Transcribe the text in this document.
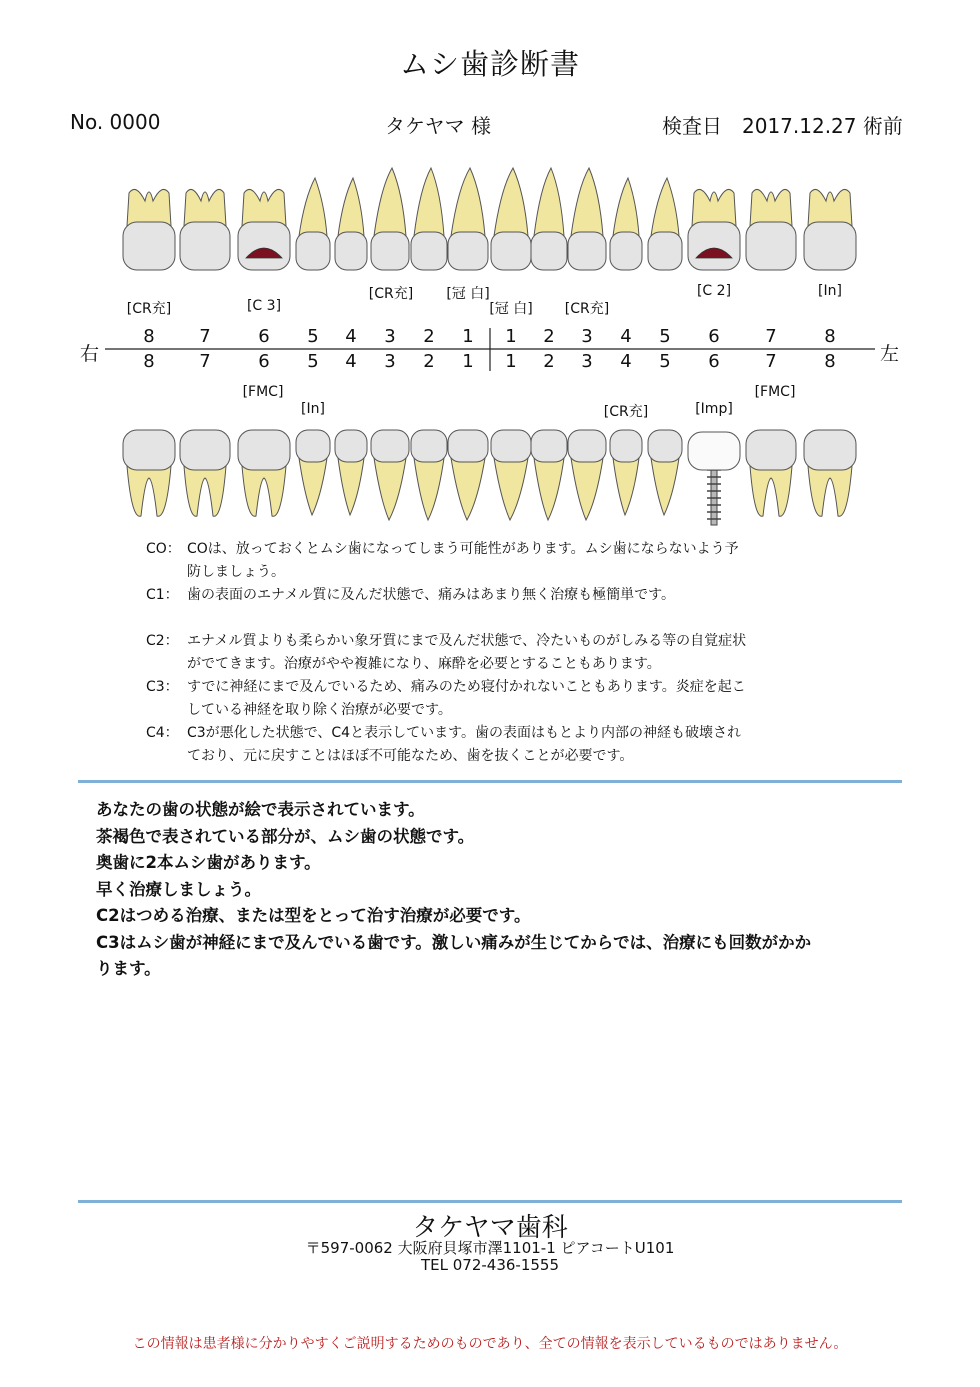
ムシ歯診断書
No. 0000	タケヤマ 様	検査日　2017.12.27 術前
右	左
8 7	6 5 4 3 2 1 1 2 3 4 5 6	7	8
8 7	6 5 4 3 2 1 1 2 3 4 5 6	7	8
[CR充]	[C 3]
[CR充] [冠 白]
[冠 白] [CR充]
[C 2]	[In]
[FMC]
[In]	[CR充]	[Imp]
[FMC]
CO： COは、放っておくとムシ歯になってしまう可能性があります。ムシ歯にならないよう予
防しましょう。
C1： 歯の表面のエナメル質に及んだ状態で、痛みはあまり無く治療も極簡単です。
C2： エナメル質よりも柔らかい象牙質にまで及んだ状態で、冷たいものがしみる等の自覚症状
がでてきます。治療がやや複雑になり、麻酔を必要とすることもあります。
C3： すでに神経にまで及んでいるため、痛みのため寝付かれないこともあります。炎症を起こ
している神経を取り除く治療が必要です。
C4： C3が悪化した状態で、C4と表示しています。歯の表面はもとより内部の神経も破壊され
ており、元に戻すことはほぼ不可能なため、歯を抜くことが必要です。
あなたの歯の状態が絵で表示されています。
茶褐色で表されている部分が、ムシ歯の状態です。
奥歯に2本ムシ歯があります。
早く治療しましょう。
C2はつめる治療、または型をとって治す治療が必要です。
C3はムシ歯が神経にまで及んでいる歯です。激しい痛みが生じてからでは、治療にも回数がかか
ります。
タケヤマ歯科
〒597-0062 大阪府貝塚市澤1101-1 ピアコートU101
TEL 072-436-1555
この情報は患者様に分かりやすくご説明するためのものであり、全ての情報を表示しているものではありません。
